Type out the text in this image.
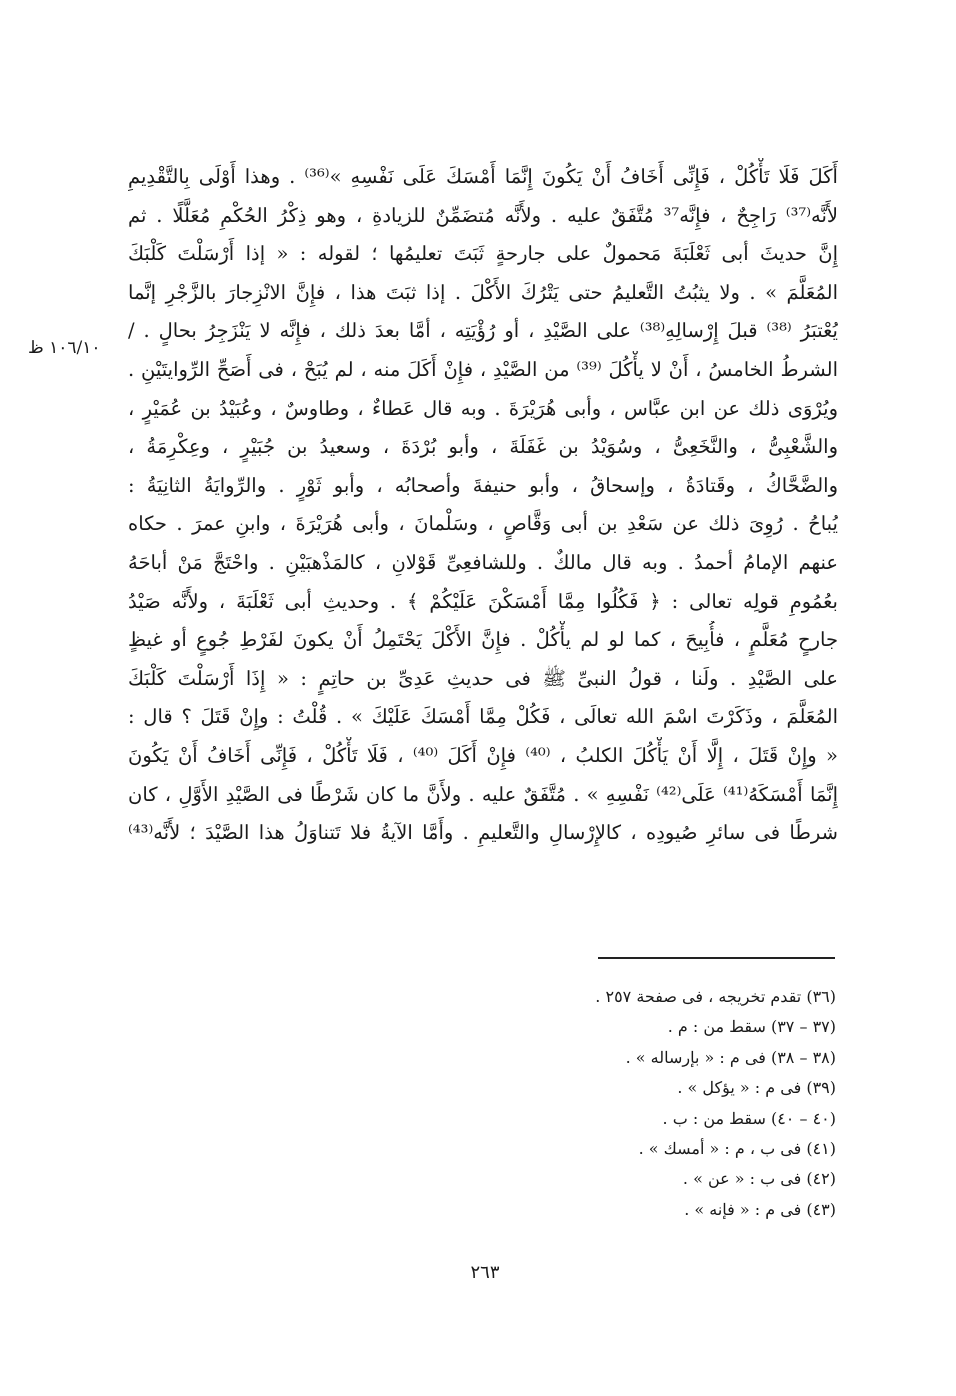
أَكَلَ فَلَا تَأْكُلْ ، فَإِنِّى أَخَافُ أَنْ يَكُونَ إِنَّمَا أَمْسَكَ عَلَى نَفْسِهِ »⁽³⁶⁾ . وهذا أَوْلَى بِالتَّقْدِيمِ
لأَنَّه⁽³⁷⁾ رَاجِحٌ ، فإِنَّه³⁷ مُتَّفَقٌ عليه . ولأَنَّه مُتضَمِّنٌ للزيادةِ ، وهو ذِكْرُ الحُكْمِ مُعَلَّلًا . ثم
إِنَّ حديثَ أبى ثَعْلَبَةَ مَحمولٌ على جارحةٍ ثَبَتَ تعليمُها ؛ لقوله : « إذا أَرْسَلْتَ كَلْبَكَ
المُعَلَّمَ » . ولا يثبُتُ التَّعليمُ حتى يَتْرُكَ الأَكْلَ . إذا ثبَتَ هذا ، فإِنَّ الانْزِجارَ بالزَّجْرِ إنَّما
يُعْتبَرُ ⁽³⁸⁾ قبلَ إِرْسالِهِ⁽³⁸⁾ على الصَّيْدِ ، أو رُؤْيَتِه ، أمَّا بعدَ ذلك ، فإِنَّه لا يَنْزَجِرُ بحالٍ . /
الشرطُ الخامسُ ، أَنْ لا يأْكُلَ ⁽³⁹⁾ من الصَّيْدِ ، فإِنْ أَكَلَ منه ، لم يُبَحْ ، فى أَصَحِّ الرِّوايتَيْنِ .
ويُرْوَى ذلك عن ابن عبَّاس ، وأبى هُرَيْرَةَ . وبه قال عَطاءٌ ، وطاوسٌ ، وعُبَيْدُ بن عُمَيْرٍ ،
والشَّعْبِىُّ ، والنَّخَعِىُّ ، وسُوَيْدُ بن غَفَلَةَ ، وأبو بُرْدَةَ ، وسعيدُ بن جُبَيْرٍ ، وعِكْرِمَةُ ،
والضَّحَّاكُ ، وقَتادَةُ ، وإسحاقُ ، وأبو حنيفةَ وأصحابُه ، وأبو ثَوْرٍ . والرِّوايَةُ الثانِيَةُ :
يُباحُ . رُوِىَ ذلك عن سَعْدِ بن أبى وَقَّاصٍ ، وسَلْمانَ ، وأبى هُرَيْرَةَ ، وابنِ عمرَ . حكاه
عنهم الإمامُ أحمدُ . وبه قال مالكٌ . وللشافعِىِّ قَوْلانِ ، كالمَذْهبَيْنِ . واحْتَجَّ مَنْ أباحَهُ
بعُمُومِ قولِه تعالى : ﴿ فَكُلُوا مِمَّا أَمْسَكْنَ عَلَيْكُمْ ﴾ . وحديثِ أبى ثَعْلَبَةَ ، ولأَنَّه صَيْدُ
جارحٍ مُعَلَّمٍ ، فأُبِيحَ ، كما لو لم يأْكُلْ . فإِنَّ الأَكْلَ يَحْتَمِلُ أَنْ يكونَ لفَرْطِ جُوعٍ أو غيظٍ
على الصَّيْدِ . ولَنا ، قولُ النبىِّ ﷺ فى حديثِ عَدِىِّ بن حاتِمٍ : « إِذَا أَرْسَلْتَ كَلْبَكَ
المُعَلَّمَ ، وذَكَرْتَ اسْمَ الله تعالَى ، فَكُلْ مِمَّا أَمْسَكَ عَلَيْكَ » . قُلْتُ : وإِنْ قَتَلَ ؟ قال :
« وإِنْ قَتَلَ ، إِلَّا أَنْ يَأْكُلَ الكلبُ ، ⁽⁴⁰⁾ فإِنْ أَكَلَ ⁽⁴⁰⁾ ، فَلَا تَأْكُلْ ، فَإِنِّى أَخَافُ أَنْ يَكُونَ
إِنَّمَا أَمْسَكَهُ⁽⁴¹⁾ عَلَى⁽⁴²⁾ نَفْسِهِ » . مُتَّفَقٌ عليه . ولأَنَّ ما كان شَرْطًا فى الصَّيْدِ الأَوَّلِ ، كان
شرطًا فى سائرِ صُيودِه ، كالإِرْسالِ والتَّعليمِ . وأَمَّا الآيةُ فلا تَتناوَلُ هذا الصَّيْدَ ؛ لأَنَّه⁽⁴³⁾
١٠٦/١٠ ظ
(٣٦) تقدم تخريجه ، فى صفحة ٢٥٧ .
(٣٧ – ٣٧) سقط من : م .
(٣٨ – ٣٨) فى م : « بإرساله » .
(٣٩) فى م : « يؤكل » .
(٤٠ – ٤٠) سقط من : ب .
(٤١) فى ب ، م : « أمسك » .
(٤٢) فى ب : « عن » .
(٤٣) فى م : « فإنه » .
٢٦٣
